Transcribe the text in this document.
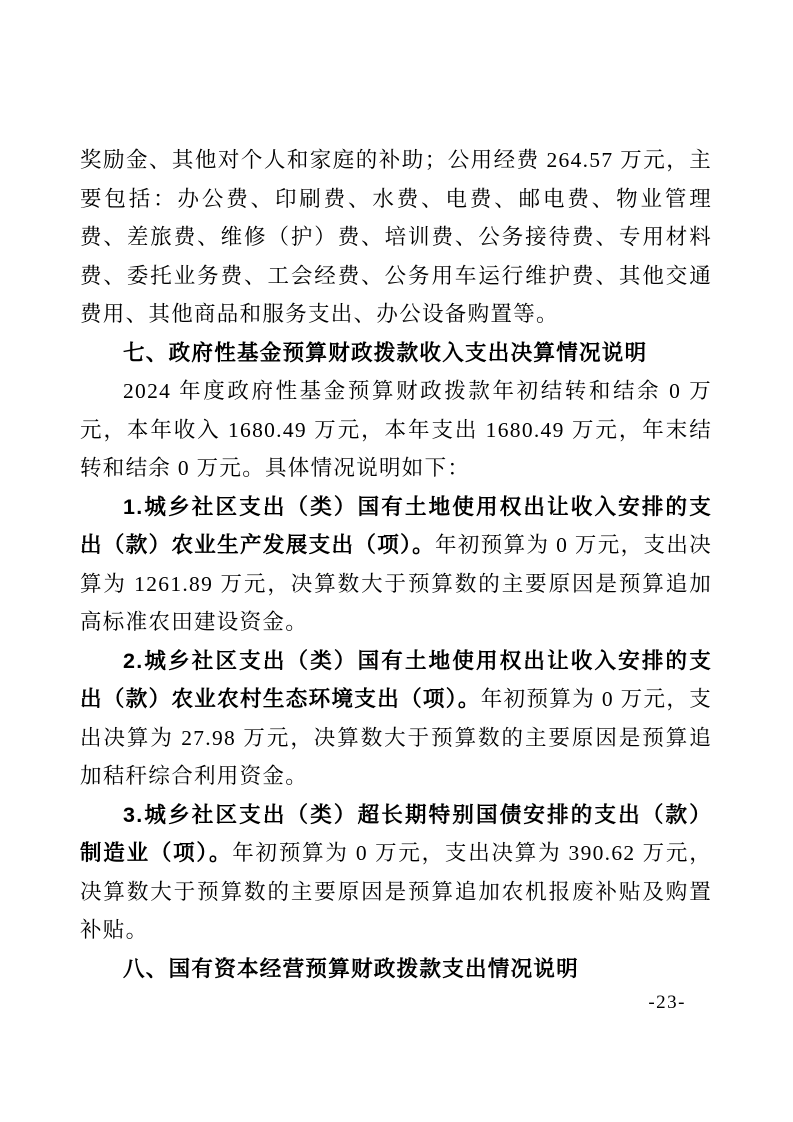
奖励金、其他对个人和家庭的补助；公用经费 264.57 万元，主要包括：办公费、印刷费、水费、电费、邮电费、物业管理费、差旅费、维修（护）费、培训费、公务接待费、专用材料费、委托业务费、工会经费、公务用车运行维护费、其他交通费用、其他商品和服务支出、办公设备购置等。

七、政府性基金预算财政拨款收入支出决算情况说明

2024 年度政府性基金预算财政拨款年初结转和结余 0 万元，本年收入 1680.49 万元，本年支出 1680.49 万元，年末结转和结余 0 万元。具体情况说明如下：

1.城乡社区支出（类）国有土地使用权出让收入安排的支出（款）农业生产发展支出（项）。年初预算为 0 万元，支出决算为 1261.89 万元，决算数大于预算数的主要原因是预算追加高标准农田建设资金。

2.城乡社区支出（类）国有土地使用权出让收入安排的支出（款）农业农村生态环境支出（项）。年初预算为 0 万元，支出决算为 27.98 万元，决算数大于预算数的主要原因是预算追加秸秆综合利用资金。

3.城乡社区支出（类）超长期特别国债安排的支出（款）制造业（项）。年初预算为 0 万元，支出决算为 390.62 万元，决算数大于预算数的主要原因是预算追加农机报废补贴及购置补贴。

八、国有资本经营预算财政拨款支出情况说明

-23-
